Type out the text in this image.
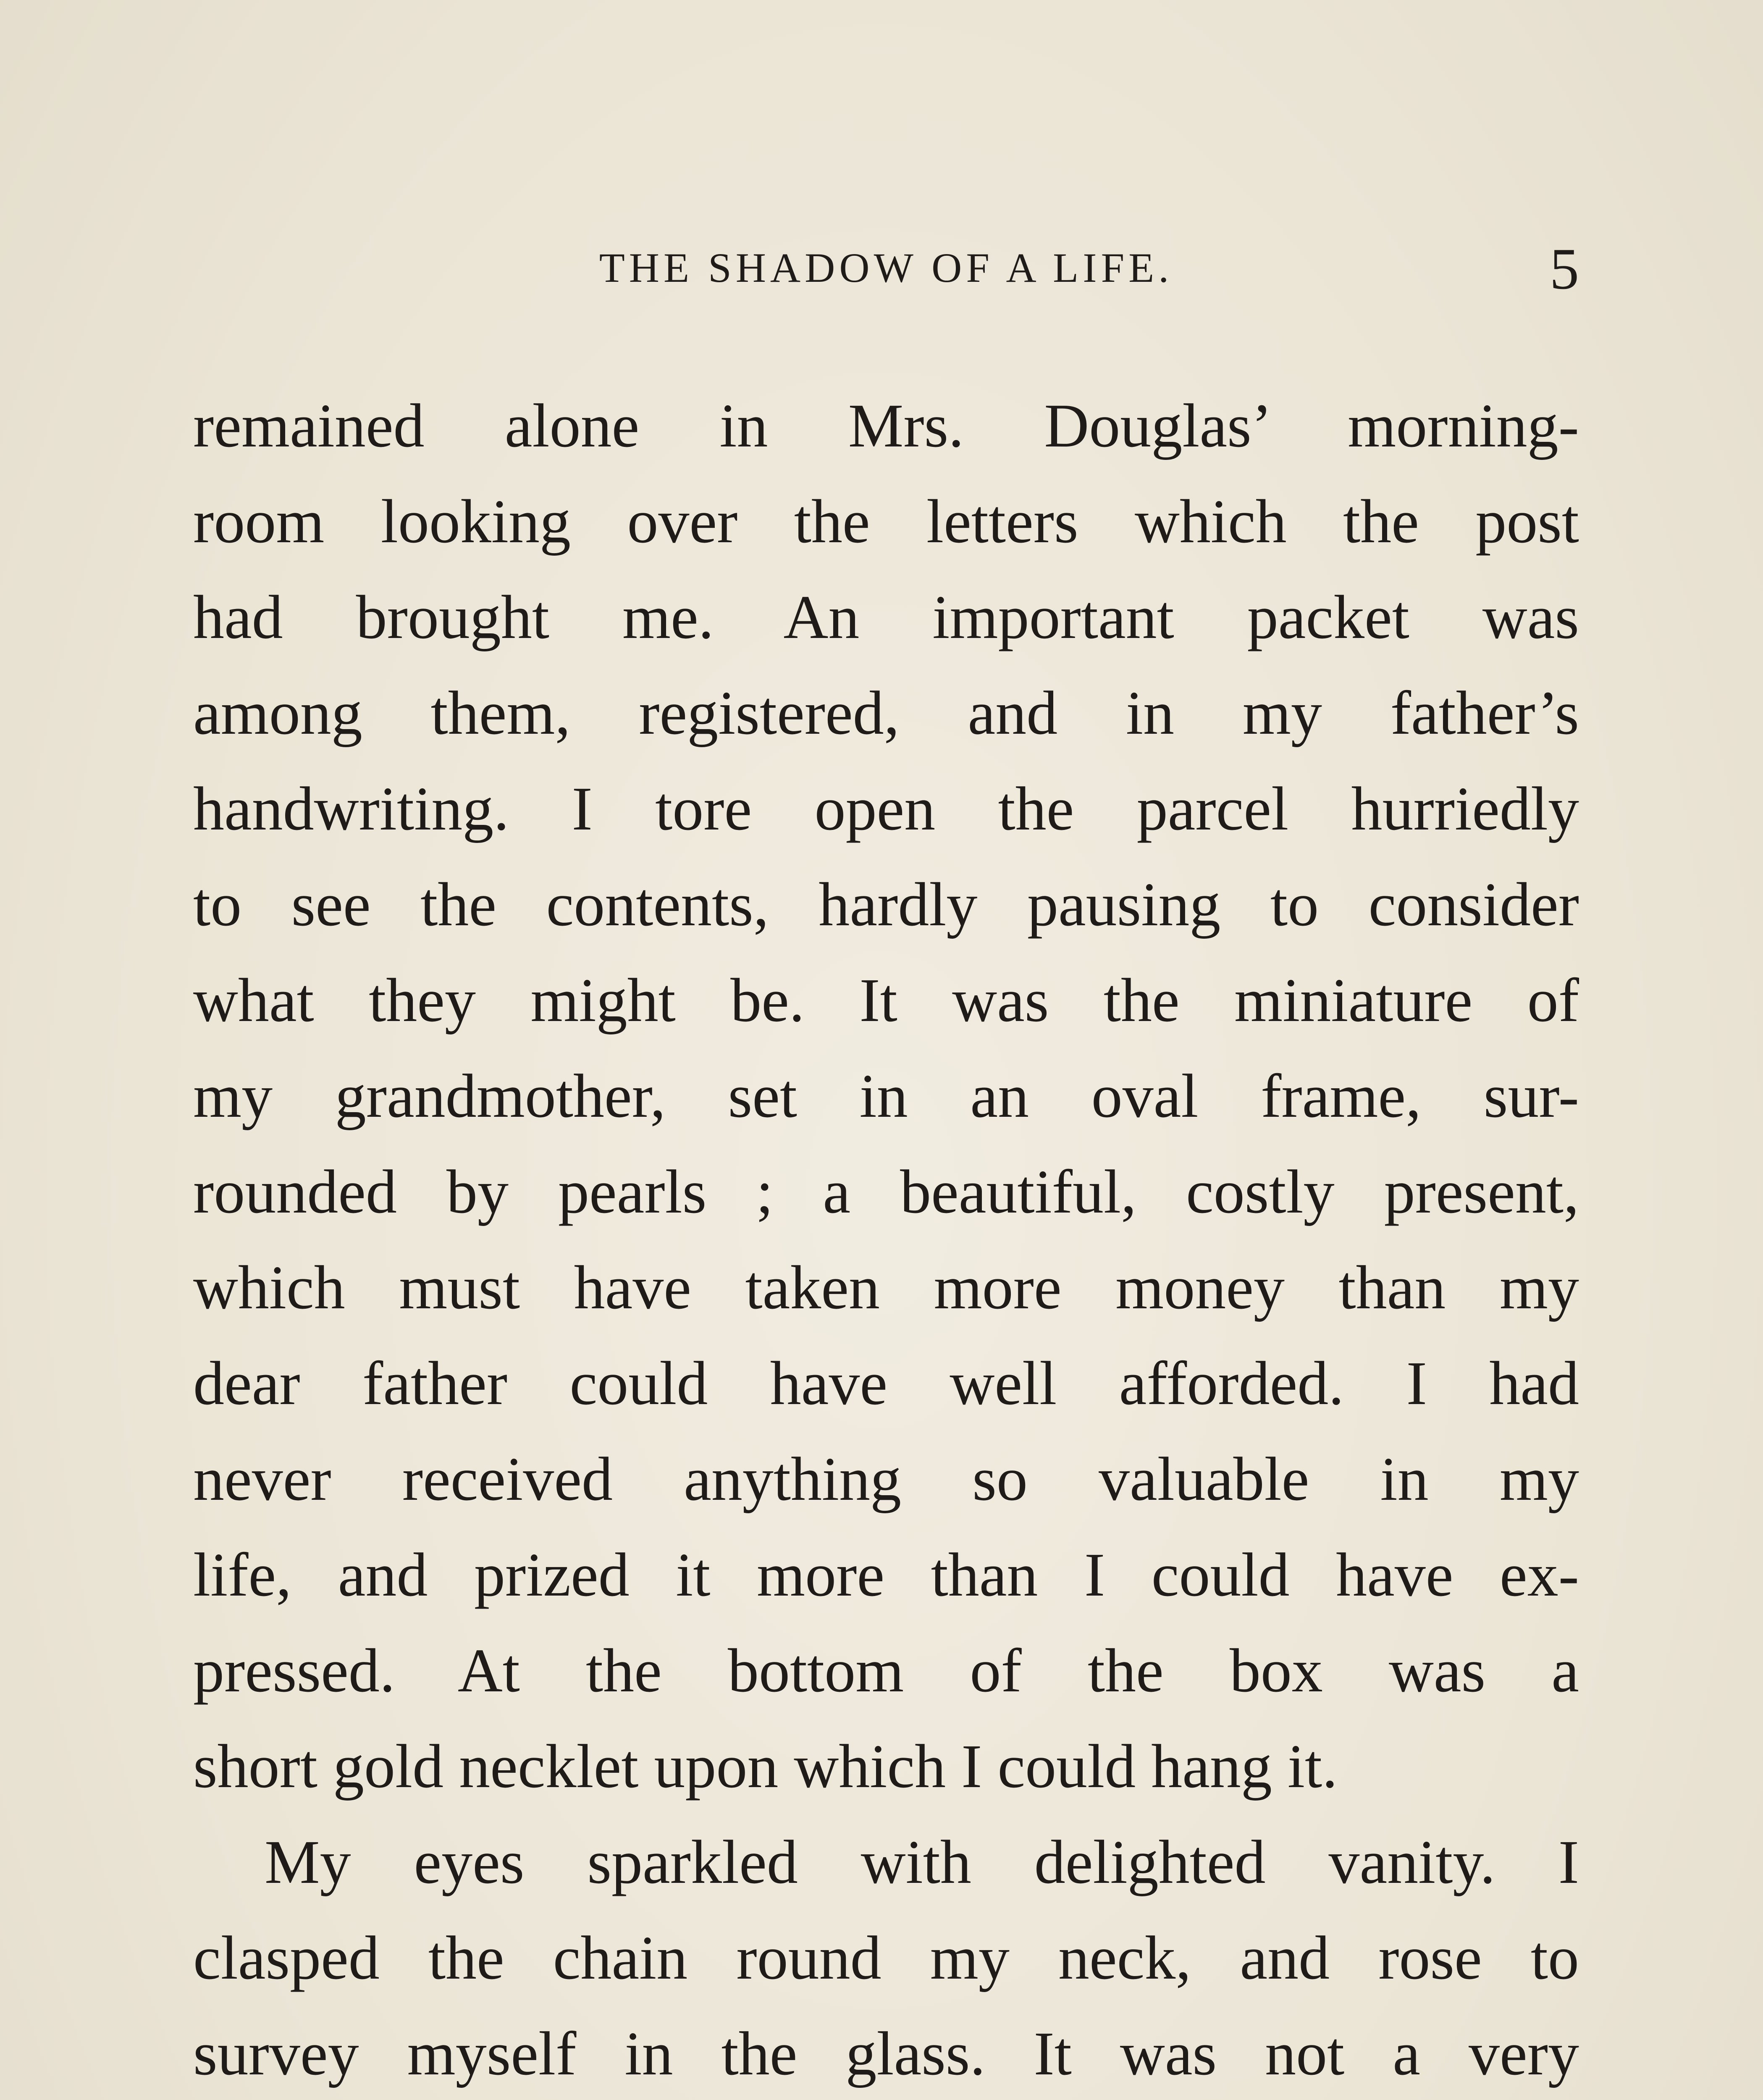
THE SHADOW OF A LIFE.	5
remained alone in Mrs. Douglas’ morning-
room looking over the letters which the post
had brought me. An important packet was
among them, registered, and in my father’s
handwriting. I tore open the parcel hurriedly
to see the contents, hardly pausing to consider
what they might be. It was the miniature of
my grandmother, set in an oval frame, sur-
rounded by pearls ; a beautiful, costly present,
which must have taken more money than my
dear father could have well afforded. I had
never received anything so valuable in my
life, and prized it more than I could have ex-
pressed. At the bottom of the box was a
short gold necklet upon which I could hang it.
My eyes sparkled with delighted vanity. I
clasped the chain round my neck, and rose to
survey myself in the glass. It was not a very
